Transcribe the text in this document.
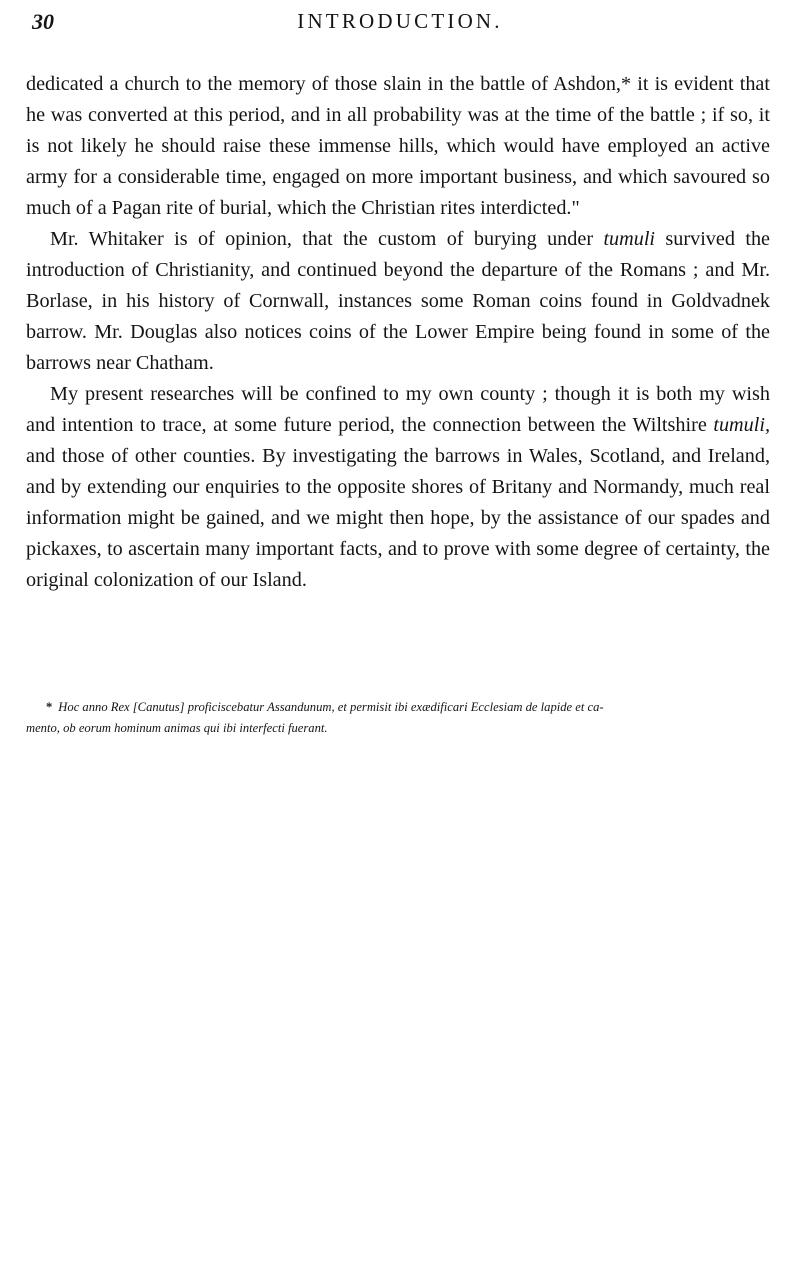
30	INTRODUCTION.

dedicated a church to the memory of those slain in the battle of Ashdon,* it is evident that he was converted at this period, and in all probability was at the time of the battle ; if so, it is not likely he should raise these immense hills, which would have employed an active army for a considerable time, engaged on more important business, and which savoured so much of a Pagan rite of burial, which the Christian rites interdicted."

Mr. Whitaker is of opinion, that the custom of burying under tumuli survived the introduction of Christianity, and continued beyond the departure of the Romans ; and Mr. Borlase, in his history of Cornwall, instances some Roman coins found in Goldvadnek barrow. Mr. Douglas also notices coins of the Lower Empire being found in some of the barrows near Chatham.

My present researches will be confined to my own county ; though it is both my wish and intention to trace, at some future period, the connection between the Wiltshire tumuli, and those of other counties. By investigating the barrows in Wales, Scotland, and Ireland, and by extending our enquiries to the opposite shores of Britany and Normandy, much real information might be gained, and we might then hope, by the assistance of our spades and pickaxes, to ascertain many important facts, and to prove with some degree of certainty, the original colonization of our Island.

* Hoc anno Rex [Canutus] proficiscebatur Assandunum, et permisit ibi exædificari Ecclesiam de lapide et ca-
mento, ob eorum hominum animas qui ibi interfecti fuerant.
